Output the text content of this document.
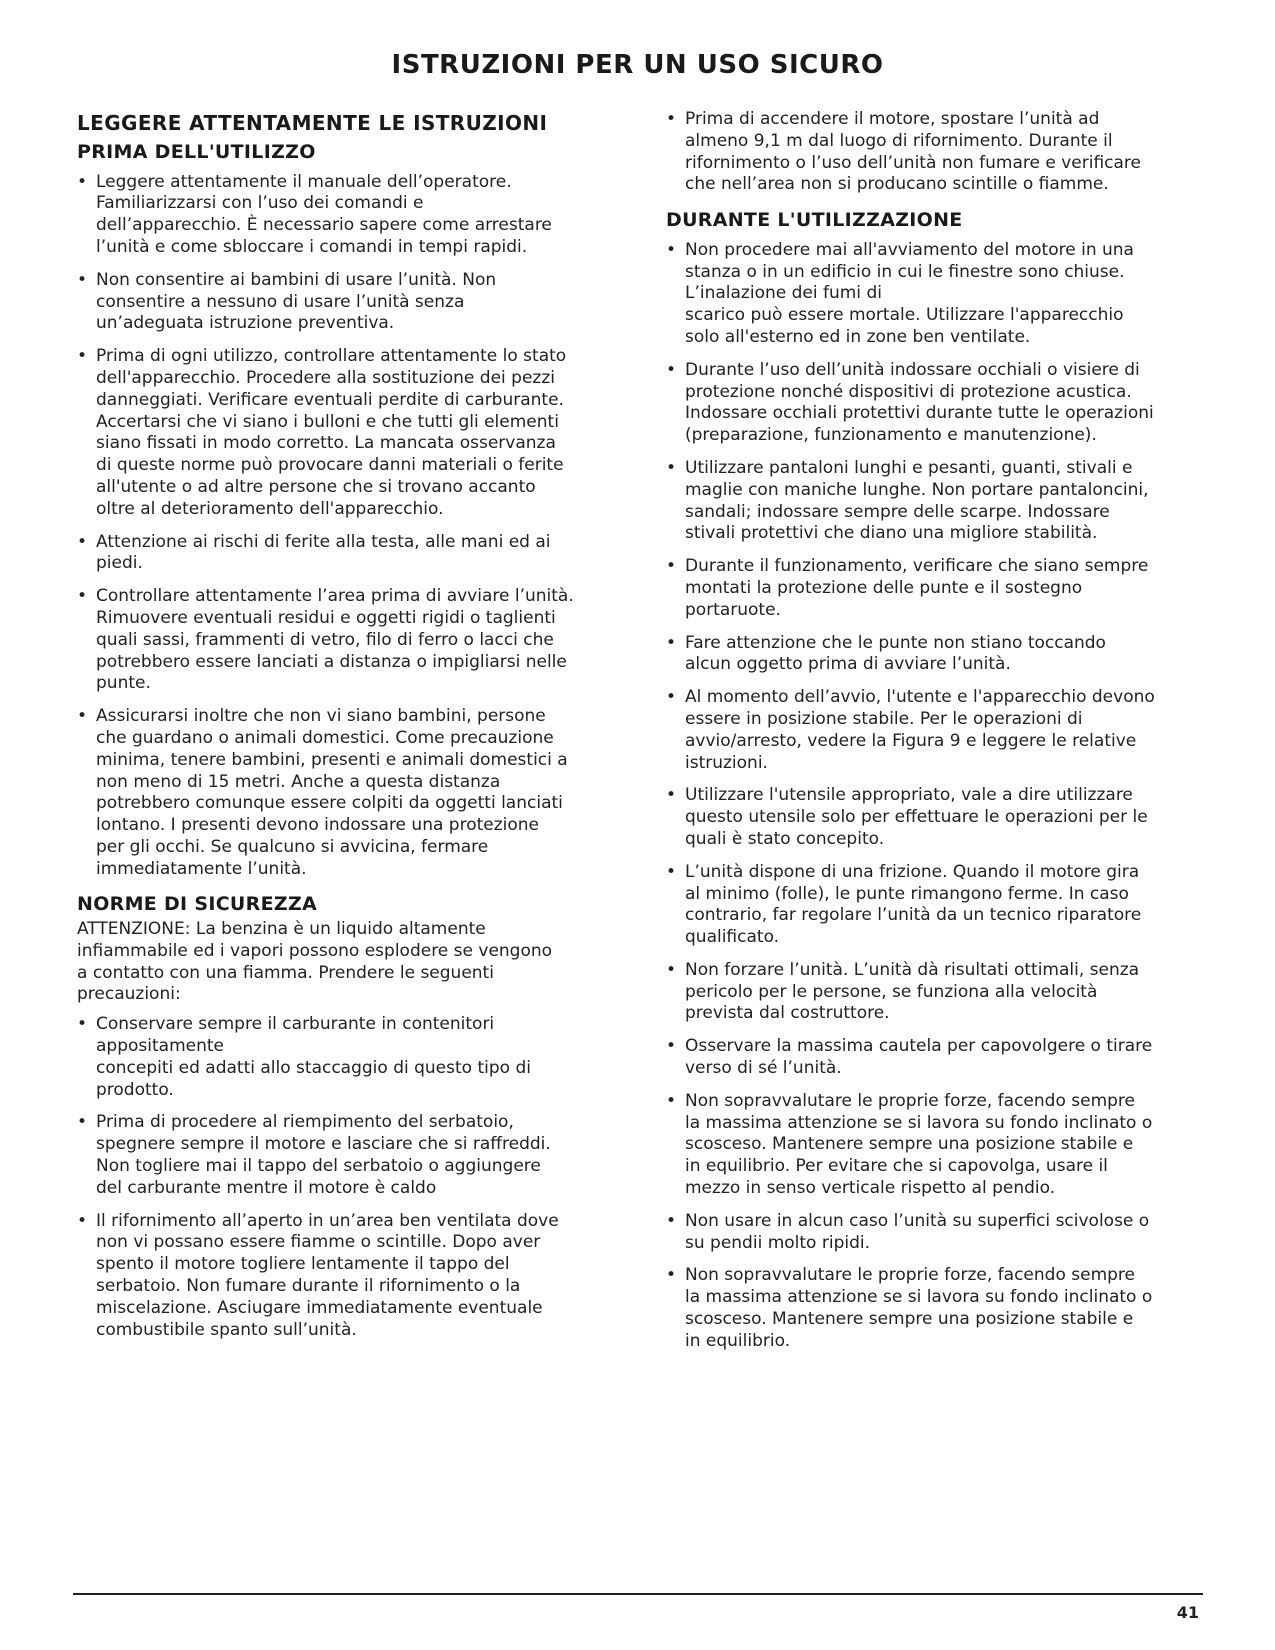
ISTRUZIONI PER UN USO SICURO
LEGGERE ATTENTAMENTE LE ISTRUZIONI
PRIMA DELL'UTILIZZO
• Leggere attentamente il manuale dell’operatore.
Familiarizzarsi con l’uso dei comandi e
dell’apparecchio. È necessario sapere come arrestare
l’unità e come sbloccare i comandi in tempi rapidi.
• Non consentire ai bambini di usare l’unità. Non
consentire a nessuno di usare l’unità senza
un’adeguata istruzione preventiva.
• Prima di ogni utilizzo, controllare attentamente lo stato
dell'apparecchio. Procedere alla sostituzione dei pezzi
danneggiati. Verificare eventuali perdite di carburante.
Accertarsi che vi siano i bulloni e che tutti gli elementi
siano fissati in modo corretto. La mancata osservanza
di queste norme può provocare danni materiali o ferite
all'utente o ad altre persone che si trovano accanto
oltre al deterioramento dell'apparecchio.
• Attenzione ai rischi di ferite alla testa, alle mani ed ai
piedi.
• Controllare attentamente l’area prima di avviare l’unità.
Rimuovere eventuali residui e oggetti rigidi o taglienti
quali sassi, frammenti di vetro, filo di ferro o lacci che
potrebbero essere lanciati a distanza o impigliarsi nelle
punte.
• Assicurarsi inoltre che non vi siano bambini, persone
che guardano o animali domestici. Come precauzione
minima, tenere bambini, presenti e animali domestici a
non meno di 15 metri. Anche a questa distanza
potrebbero comunque essere colpiti da oggetti lanciati
lontano. I presenti devono indossare una protezione
per gli occhi. Se qualcuno si avvicina, fermare
immediatamente l’unità.
NORME DI SICUREZZA

ATTENZIONE: La benzina è un liquido altamente
infiammabile ed i vapori possono esplodere se vengono
a contatto con una fiamma. Prendere le seguenti
precauzioni:

• Conservare sempre il carburante in contenitori
appositamente
concepiti ed adatti allo staccaggio di questo tipo di
prodotto.
• Prima di procedere al riempimento del serbatoio,
spegnere sempre il motore e lasciare che si raffreddi.
Non togliere mai il tappo del serbatoio o aggiungere
del carburante mentre il motore è caldo
• Il rifornimento all’aperto in un’area ben ventilata dove
non vi possano essere fiamme o scintille. Dopo aver
spento il motore togliere lentamente il tappo del
serbatoio. Non fumare durante il rifornimento o la
miscelazione. Asciugare immediatamente eventuale
combustibile spanto sull’unità.
• Prima di accendere il motore, spostare l’unità ad
almeno 9,1 m dal luogo di rifornimento. Durante il
rifornimento o l’uso dell’unità non fumare e verificare
che nell’area non si producano scintille o fiamme.
DURANTE L'UTILIZZAZIONE
• Non procedere mai all'avviamento del motore in una
stanza o in un edificio in cui le finestre sono chiuse.
L’inalazione dei fumi di
scarico può essere mortale. Utilizzare l'apparecchio
solo all'esterno ed in zone ben ventilate.
• Durante l’uso dell’unità indossare occhiali o visiere di
protezione nonché dispositivi di protezione acustica.
Indossare occhiali protettivi durante tutte le operazioni
(preparazione, funzionamento e manutenzione).
• Utilizzare pantaloni lunghi e pesanti, guanti, stivali e
maglie con maniche lunghe. Non portare pantaloncini,
sandali; indossare sempre delle scarpe. Indossare
stivali protettivi che diano una migliore stabilità.
• Durante il funzionamento, verificare che siano sempre
montati la protezione delle punte e il sostegno
portaruote.
• Fare attenzione che le punte non stiano toccando
alcun oggetto prima di avviare l’unità.
• Al momento dell’avvio, l'utente e l'apparecchio devono
essere in posizione stabile. Per le operazioni di
avvio/arresto, vedere la Figura 9 e leggere le relative
istruzioni.
• Utilizzare l'utensile appropriato, vale a dire utilizzare
questo utensile solo per effettuare le operazioni per le
quali è stato concepito.
• L’unità dispone di una frizione. Quando il motore gira
al minimo (folle), le punte rimangono ferme. In caso
contrario, far regolare l’unità da un tecnico riparatore
qualificato.
• Non forzare l’unità. L’unità dà risultati ottimali, senza
pericolo per le persone, se funziona alla velocità
prevista dal costruttore.
• Osservare la massima cautela per capovolgere o tirare
verso di sé l’unità.
• Non sopravvalutare le proprie forze, facendo sempre
la massima attenzione se si lavora su fondo inclinato o
scosceso. Mantenere sempre una posizione stabile e
in equilibrio. Per evitare che si capovolga, usare il
mezzo in senso verticale rispetto al pendio.
• Non usare in alcun caso l’unità su superfici scivolose o
su pendii molto ripidi.
• Non sopravvalutare le proprie forze, facendo sempre
la massima attenzione se si lavora su fondo inclinato o
scosceso. Mantenere sempre una posizione stabile e
in equilibrio.
41
